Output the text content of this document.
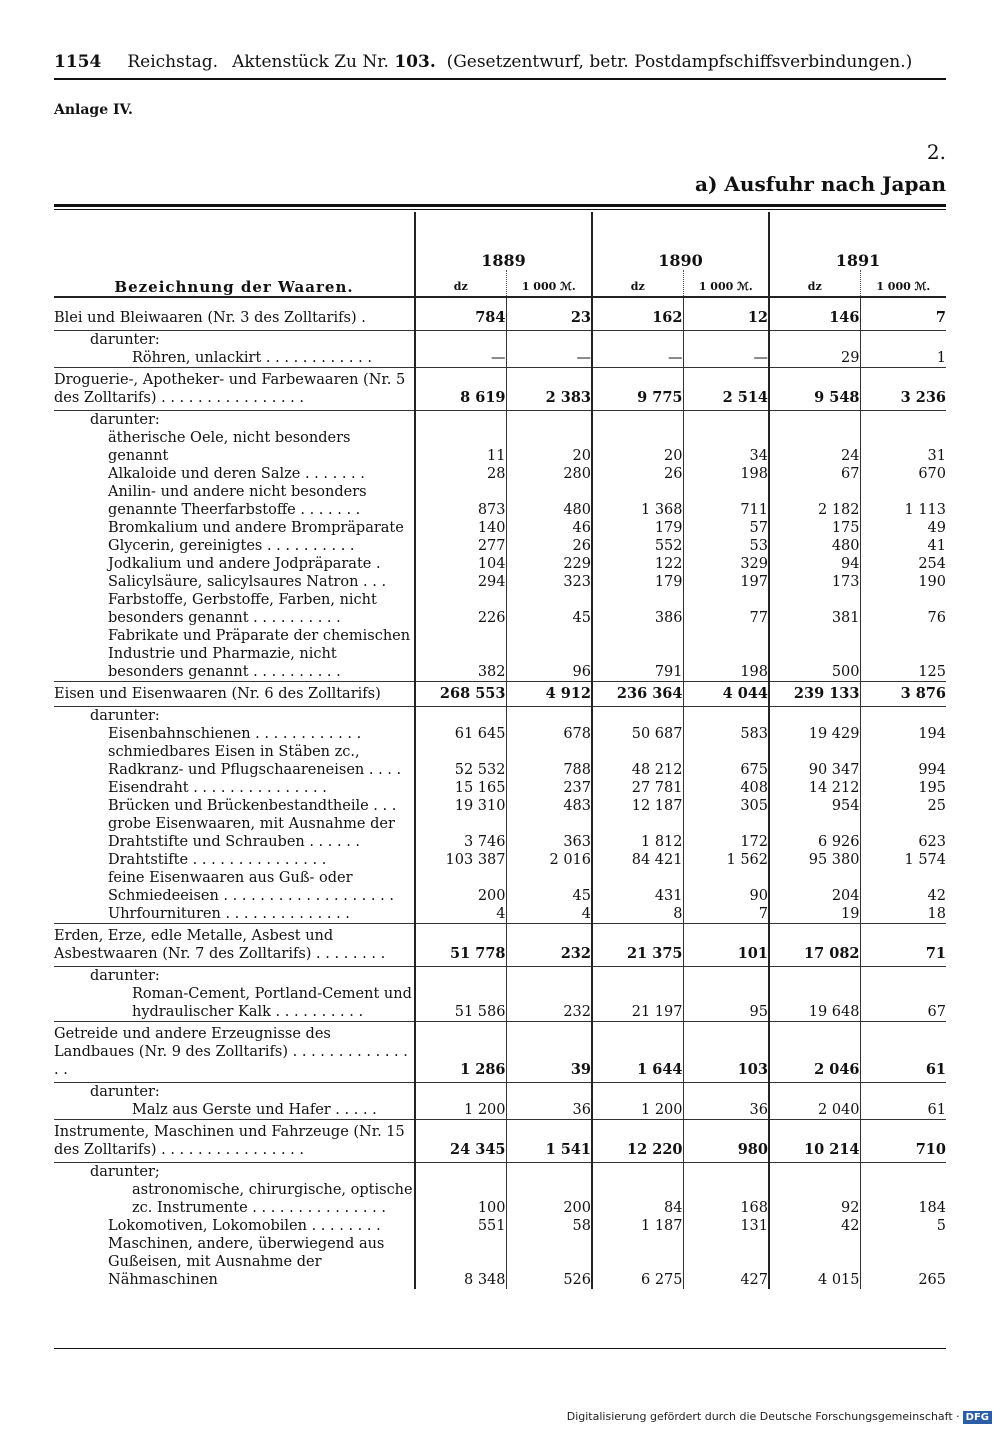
1154 Reichstag. Aktenstück Zu Nr. 103. (Gesetzentwurf, betr. Postdampfschiffsverbindungen.)
Anlage IV.
2.
a) Ausfuhr nach Japan
Bezeichnung der Waaren.	1889		1890		1891	
	dz	1 000 ℳ.	dz	1 000 ℳ.	dz	1 000 ℳ.

Blei und Bleiwaaren (Nr. 3 des Zolltarifs) .	784	23	162	12	146	7
darunter:						
Röhren, unlackirt . . . . . . . . . . . .	—	—	—	—	29	1
Droguerie-, Apotheker- und Farbewaaren (Nr. 5 des Zolltarifs) . . . . . . . . . . . . . . . .	8 619	2 383	9 775	2 514	9 548	3 236
darunter:						
ätherische Oele, nicht besonders genannt	11	20	20	34	24	31
Alkaloide und deren Salze . . . . . . .	28	280	26	198	67	670
Anilin- und andere nicht besonders genannte Theerfarbstoffe . . . . . . .	873	480	1 368	711	2 182	1 113
Bromkalium und andere Brompräparate	140	46	179	57	175	49
Glycerin, gereinigtes . . . . . . . . . .	277	26	552	53	480	41
Jodkalium und andere Jodpräparate .	104	229	122	329	94	254
Salicylsäure, salicylsaures Natron . . .	294	323	179	197	173	190
Farbstoffe, Gerbstoffe, Farben, nicht besonders genannt . . . . . . . . . .	226	45	386	77	381	76
Fabrikate und Präparate der chemischen Industrie und Pharmazie, nicht besonders genannt . . . . . . . . . .	382	96	791	198	500	125
Eisen und Eisenwaaren (Nr. 6 des Zolltarifs)	268 553	4 912	236 364	4 044	239 133	3 876
darunter:						
Eisenbahnschienen . . . . . . . . . . . .	61 645	678	50 687	583	19 429	194
schmiedbares Eisen in Stäben zc., Radkranz- und Pflugschaareneisen . . . .	52 532	788	48 212	675	90 347	994
Eisendraht . . . . . . . . . . . . . . .	15 165	237	27 781	408	14 212	195
Brücken und Brückenbestandtheile . . .	19 310	483	12 187	305	954	25
grobe Eisenwaaren, mit Ausnahme der Drahtstifte und Schrauben . . . . . .	3 746	363	1 812	172	6 926	623
Drahtstifte . . . . . . . . . . . . . . .	103 387	2 016	84 421	1 562	95 380	1 574
feine Eisenwaaren aus Guß- oder Schmiedeeisen . . . . . . . . . . . . . . . . . . .	200	45	431	90	204	42
Uhrfournituren . . . . . . . . . . . . . .	4	4	8	7	19	18
Erden, Erze, edle Metalle, Asbest und Asbestwaaren (Nr. 7 des Zolltarifs) . . . . . . . .	51 778	232	21 375	101	17 082	71
darunter:						
Roman-Cement, Portland-Cement und hydraulischer Kalk . . . . . . . . . .	51 586	232	21 197	95	19 648	67
Getreide und andere Erzeugnisse des Landbaues (Nr. 9 des Zolltarifs) . . . . . . . . . . . . . . .	1 286	39	1 644	103	2 046	61
darunter:						
Malz aus Gerste und Hafer . . . . .	1 200	36	1 200	36	2 040	61
Instrumente, Maschinen und Fahrzeuge (Nr. 15 des Zolltarifs) . . . . . . . . . . . . . . . .	24 345	1 541	12 220	980	10 214	710
darunter;						
astronomische, chirurgische, optische zc. Instrumente . . . . . . . . . . . . . . .	100	200	84	168	92	184
Lokomotiven, Lokomobilen . . . . . . . .	551	58	1 187	131	42	5
Maschinen, andere, überwiegend aus Gußeisen, mit Ausnahme der Nähmaschinen	8 348	526	6 275	427	4 015	265
Digitalisierung gefördert durch die Deutsche Forschungsgemeinschaft · DFG
